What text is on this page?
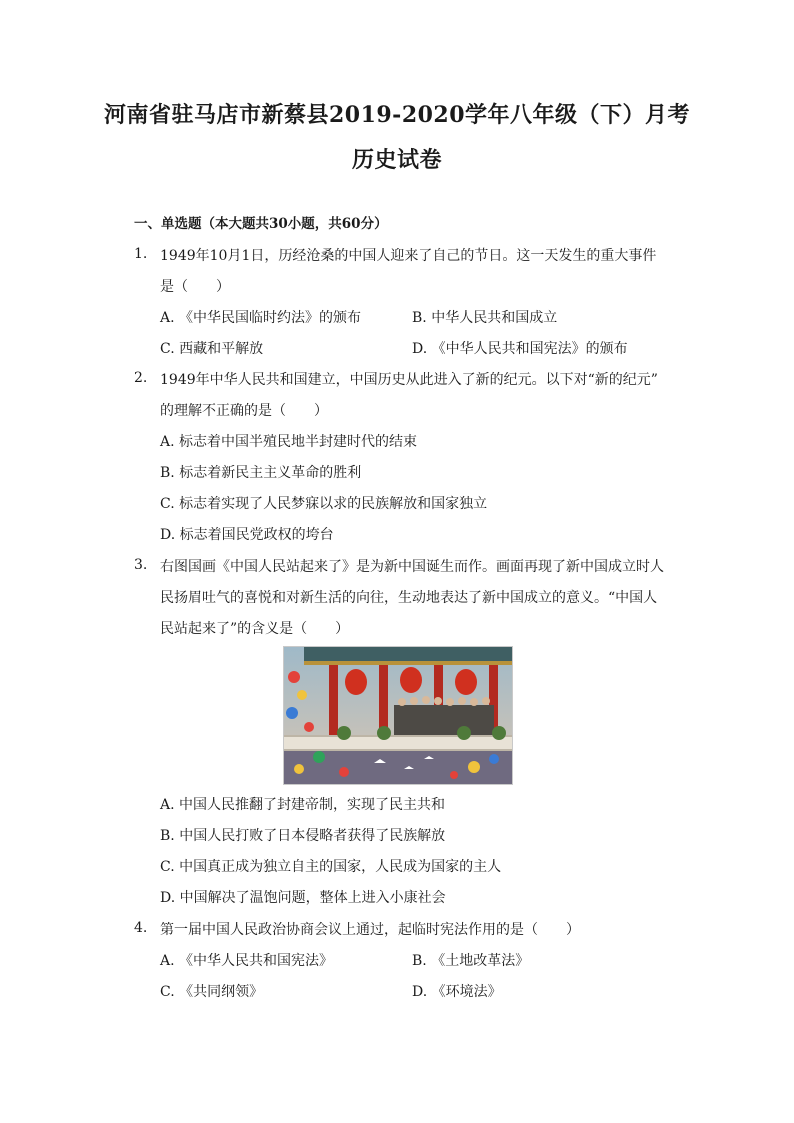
河南省驻马店市新蔡县2019-2020学年八年级（下）月考
历史试卷
一、单选题（本大题共30小题，共60分）
1. 1949年10月1日，历经沧桑的中国人迎来了自己的节日。这一天发生的重大事件
是（　　）
A. 《中华民国临时约法》的颁布	B. 中华人民共和国成立
C. 西藏和平解放	D. 《中华人民共和国宪法》的颁布
2. 1949年中华人民共和国建立，中国历史从此进入了新的纪元。以下对“新的纪元”
的理解不正确的是（　　）
A. 标志着中国半殖民地半封建时代的结束
B. 标志着新民主主义革命的胜利
C. 标志着实现了人民梦寐以求的民族解放和国家独立
D. 标志着国民党政权的垮台
3. 右图国画《中国人民站起来了》是为新中国诞生而作。画面再现了新中国成立时人
民扬眉吐气的喜悦和对新生活的向往，生动地表达了新中国成立的意义。“中国人
民站起来了”的含义是（　　）
A. 中国人民推翻了封建帝制，实现了民主共和
B. 中国人民打败了日本侵略者获得了民族解放
C. 中国真正成为独立自主的国家，人民成为国家的主人
D. 中国解决了温饱问题，整体上进入小康社会
4. 第一届中国人民政治协商会议上通过，起临时宪法作用的是（　　）
A. 《中华人民共和国宪法》	B. 《土地改革法》
C. 《共同纲领》	D. 《环境法》
